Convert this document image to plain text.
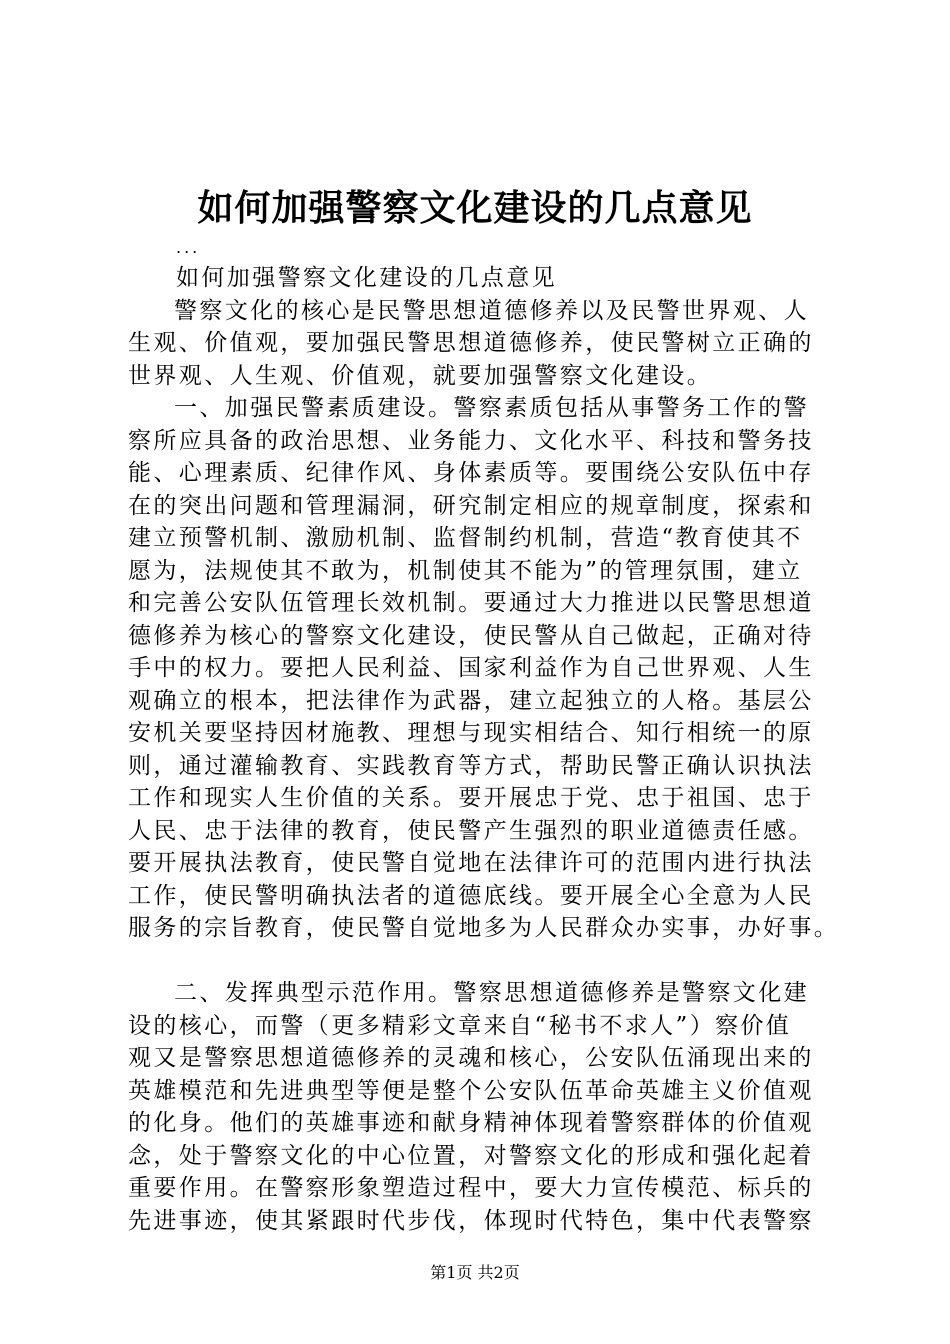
如何加强警察文化建设的几点意见
...
如何加强警察文化建设的几点意见
警察文化的核心是民警思想道德修养以及民警世界观、人
生观、价值观，要加强民警思想道德修养，使民警树立正确的
世界观、人生观、价值观，就要加强警察文化建设。
一、加强民警素质建设。警察素质包括从事警务工作的警
察所应具备的政治思想、业务能力、文化水平、科技和警务技
能、心理素质、纪律作风、身体素质等。要围绕公安队伍中存
在的突出问题和管理漏洞，研究制定相应的规章制度，探索和
建立预警机制、激励机制、监督制约机制，营造“教育使其不
愿为，法规使其不敢为，机制使其不能为”的管理氛围，建立
和完善公安队伍管理长效机制。要通过大力推进以民警思想道
德修养为核心的警察文化建设，使民警从自己做起，正确对待
手中的权力。要把人民利益、国家利益作为自己世界观、人生
观确立的根本，把法律作为武器，建立起独立的人格。基层公
安机关要坚持因材施教、理想与现实相结合、知行相统一的原
则，通过灌输教育、实践教育等方式，帮助民警正确认识执法
工作和现实人生价值的关系。要开展忠于党、忠于祖国、忠于
人民、忠于法律的教育，使民警产生强烈的职业道德责任感。
要开展执法教育，使民警自觉地在法律许可的范围内进行执法
工作，使民警明确执法者的道德底线。要开展全心全意为人民
服务的宗旨教育，使民警自觉地多为人民群众办实事，办好事。
二、发挥典型示范作用。警察思想道德修养是警察文化建
设的核心，而警（更多精彩文章来自“秘书不求人”）察价值
观又是警察思想道德修养的灵魂和核心，公安队伍涌现出来的
英雄模范和先进典型等便是整个公安队伍革命英雄主义价值观
的化身。他们的英雄事迹和献身精神体现着警察群体的价值观
念，处于警察文化的中心位置，对警察文化的形成和强化起着
重要作用。在警察形象塑造过程中，要大力宣传模范、标兵的
先进事迹，使其紧跟时代步伐，体现时代特色，集中代表警察
第1页 共2页
